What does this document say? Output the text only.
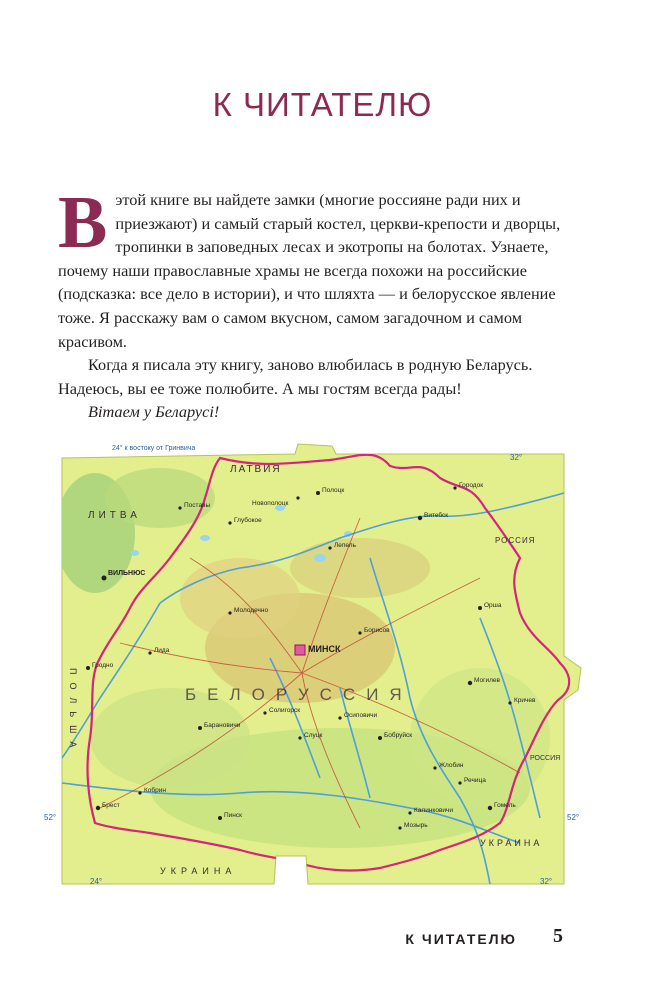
К ЧИТАТЕЛЮ

Вэтой книге вы найдете замки (многие россияне ради них и приезжают) и самый старый костел, церкви-крепости и дворцы, тропинки в заповедных лесах и экотропы на болотах. Узнаете, почему наши православные храмы не всегда похожи на российские (подсказка: все дело в истории), и что шляхта — и белорусское явление тоже. Я расскажу вам о самом вкусном, самом загадочном и самом красивом.

Когда я писала эту книгу, заново влюбилась в родную Беларусь. Надеюсь, вы ее тоже полюбите. А мы гостям всегда рады!

Вітаем у Беларусі!

24° к востоку от Гринвича
32°
24°	32°
52°	52°
БЕЛОРУССИЯ
ЛАТВИЯ
ЛИТВА
РОССИЯ
РОССИЯ
УКРАИНА
УКРАИНА
ПОЛЬША
МИНСК
ВИЛЬНЮС
Полоцк
Витебск
Новополоцк
Городок
Орша
Могилев
Гомель
Брест
Гродно
Пинск
Бобруйск
Молодечно
Лида
Барановичи
Слуцк
Борисов
Мозырь
Жлобин
Кричев
Речица
Глубокое
Поставы
Лепель
Кобрин
Солигорск
Осиповичи
Калинковичи
К ЧИТАТЕЛЮ 5
